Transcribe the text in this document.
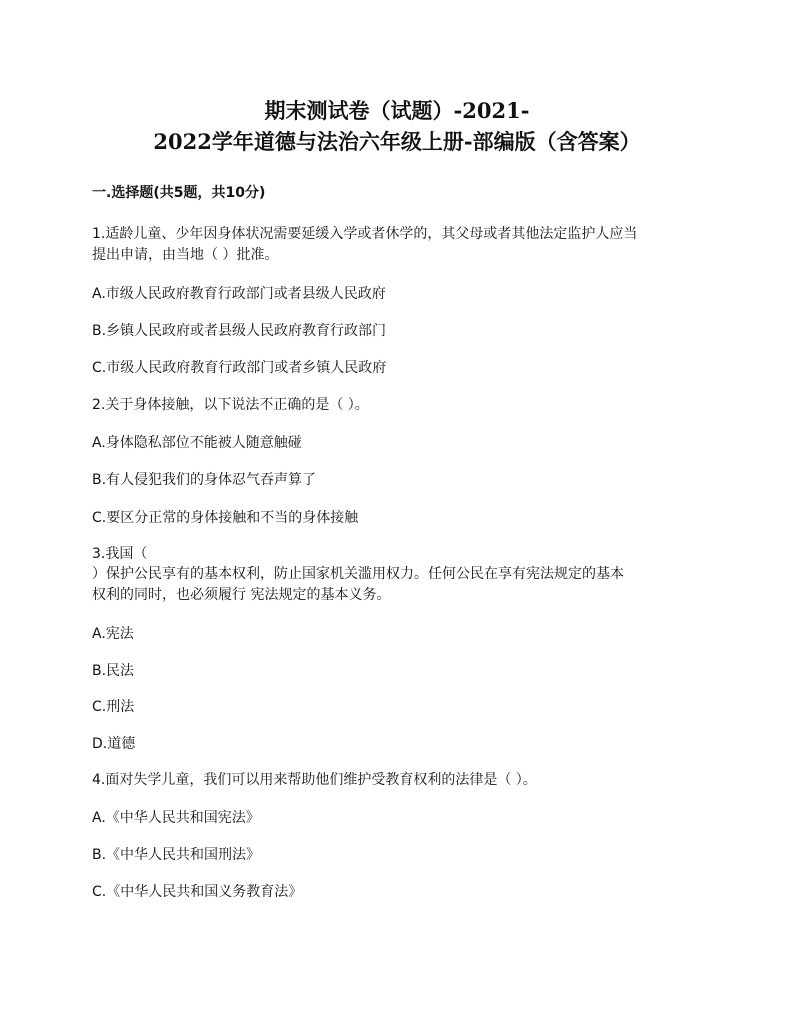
期末测试卷（试题）-2021-
2022学年道德与法治六年级上册-部编版（含答案）
一.选择题(共5题，共10分)
1.适龄儿童、少年因身体状况需要延缓入学或者休学的，其父母或者其他法定监护人应当
提出申请，由当地（ ）批准。
A.市级人民政府教育行政部门或者县级人民政府
B.乡镇人民政府或者县级人民政府教育行政部门
C.市级人民政府教育行政部门或者乡镇人民政府
2.关于身体接触，以下说法不正确的是（ ）。
A.身体隐私部位不能被人随意触碰
B.有人侵犯我们的身体忍气吞声算了
C.要区分正常的身体接触和不当的身体接触
3.我国（
）保护公民享有的基本权利，防止国家机关滥用权力。任何公民在享有宪法规定的基本
权利的同时，也必须履行 宪法规定的基本义务。
A.宪法
B.民法
C.刑法
D.道德
4.面对失学儿童，我们可以用来帮助他们维护受教育权利的法律是（ ）。
A.《中华人民共和国宪法》
B.《中华人民共和国刑法》
C.《中华人民共和国义务教育法》
